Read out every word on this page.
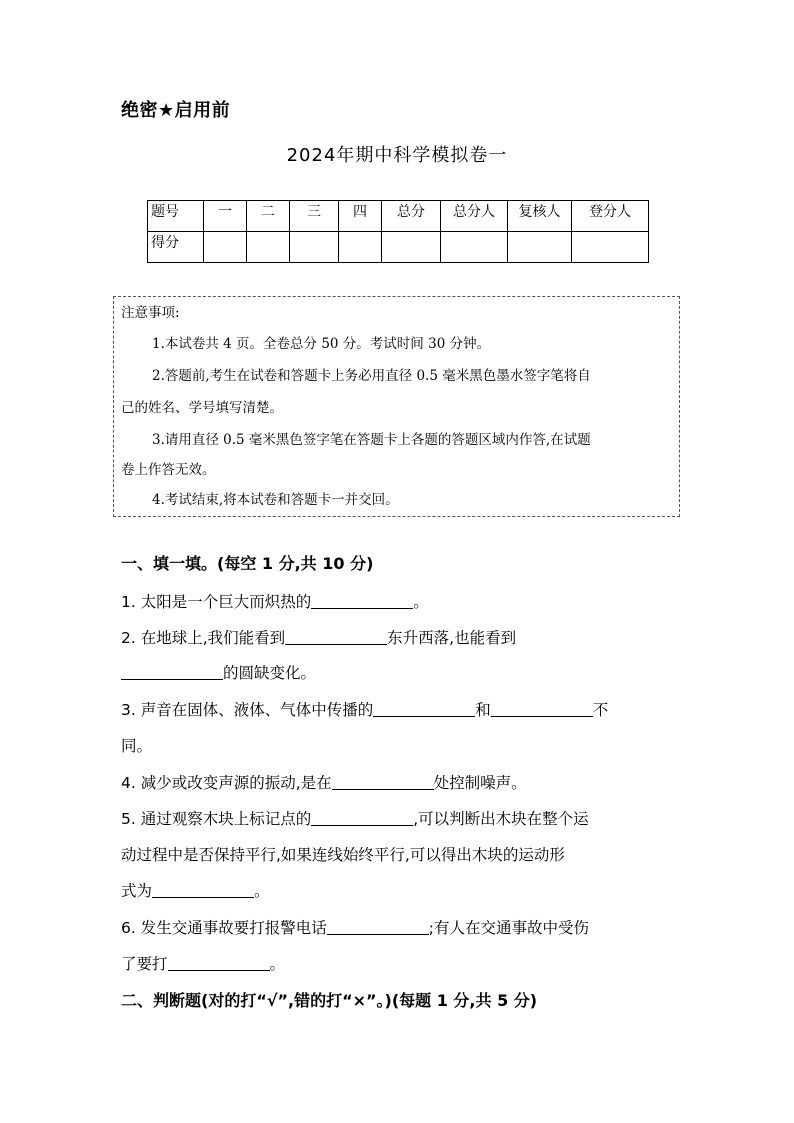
绝密★启用前
2024年期中科学模拟卷一
题号	一	二	三	四	总分	总分人	复核人	登分人
得分								
注意事项:
1.本试卷共 4 页。全卷总分 50 分。考试时间 30 分钟。
2.答题前,考生在试卷和答题卡上务必用直径 0.5 毫米黑色墨水签字笔将自
己的姓名、学号填写清楚。
3.请用直径 0.5 毫米黑色签字笔在答题卡上各题的答题区域内作答,在试题
卷上作答无效。
4.考试结束,将本试卷和答题卡一并交回。
一、填一填。(每空 1 分,共 10 分)
1. 太阳是一个巨大而炽热的	。
2. 在地球上,我们能看到	东升西落,也能看到
的圆缺变化。
3. 声音在固体、液体、气体中传播的	和	不
同。
4. 减少或改变声源的振动,是在	处控制噪声。
5. 通过观察木块上标记点的	,可以判断出木块在整个运
动过程中是否保持平行,如果连线始终平行,可以得出木块的运动形
式为	。
6. 发生交通事故要打报警电话	;有人在交通事故中受伤
了要打	。
二、判断题(对的打“√”,错的打“×”。)(每题 1 分,共 5 分)
